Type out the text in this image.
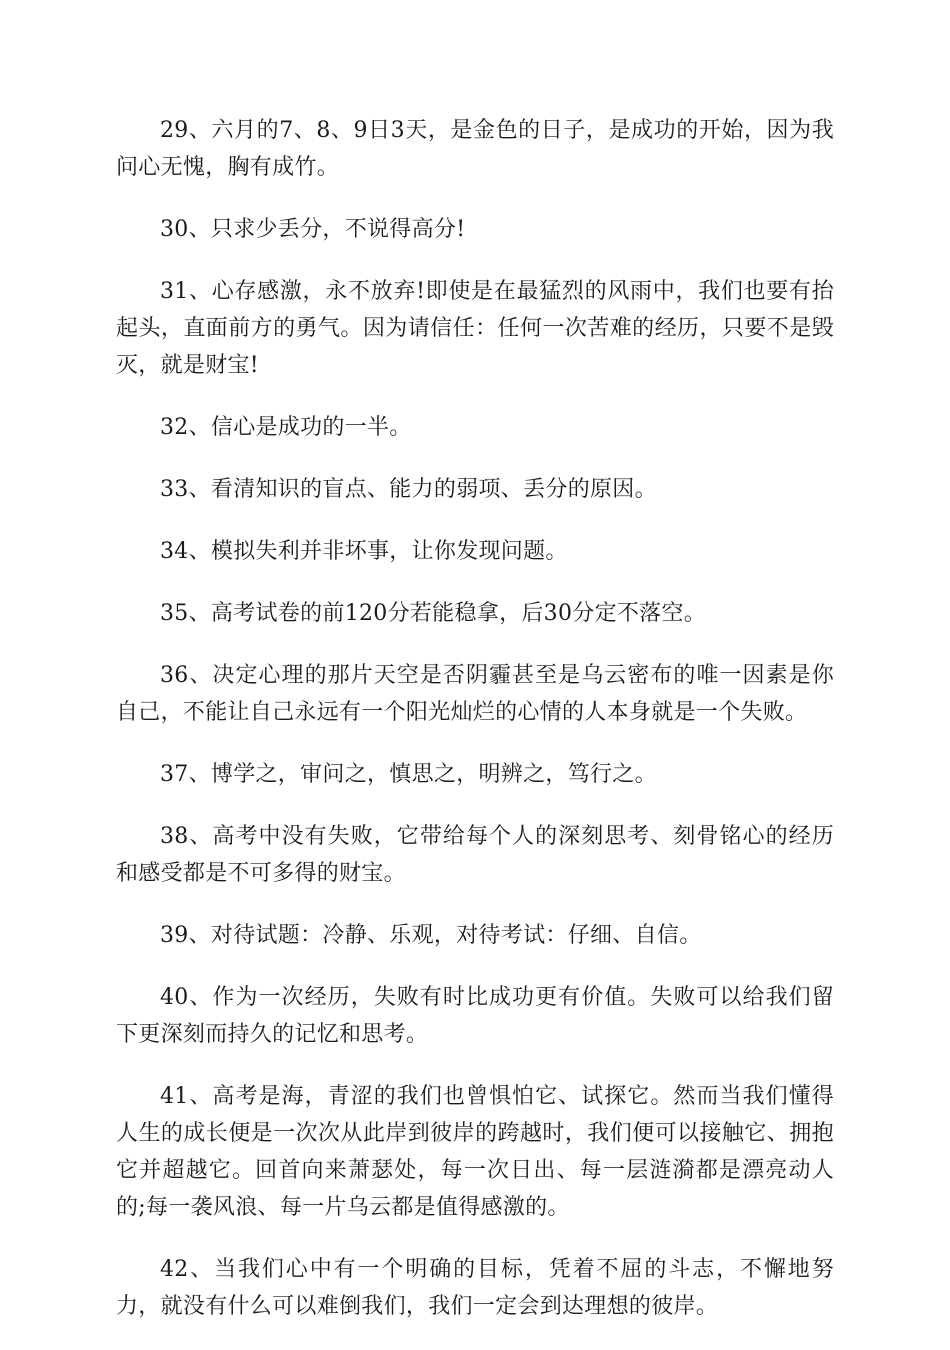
29、六月的7、8、9日3天，是金色的日子，是成功的开始，因为我问心无愧，胸有成竹。

30、只求少丢分，不说得高分!

31、心存感激，永不放弃!即使是在最猛烈的风雨中，我们也要有抬起头，直面前方的勇气。因为请信任：任何一次苦难的经历，只要不是毁灭，就是财宝!

32、信心是成功的一半。

33、看清知识的盲点、能力的弱项、丢分的原因。

34、模拟失利并非坏事，让你发现问题。

35、高考试卷的前120分若能稳拿，后30分定不落空。

36、决定心理的那片天空是否阴霾甚至是乌云密布的唯一因素是你自己，不能让自己永远有一个阳光灿烂的心情的人本身就是一个失败。

37、博学之，审问之，慎思之，明辨之，笃行之。

38、高考中没有失败，它带给每个人的深刻思考、刻骨铭心的经历和感受都是不可多得的财宝。

39、对待试题：冷静、乐观，对待考试：仔细、自信。

40、作为一次经历，失败有时比成功更有价值。失败可以给我们留下更深刻而持久的记忆和思考。

41、高考是海，青涩的我们也曾惧怕它、试探它。然而当我们懂得人生的成长便是一次次从此岸到彼岸的跨越时，我们便可以接触它、拥抱它并超越它。回首向来萧瑟处，每一次日出、每一层涟漪都是漂亮动人的;每一袭风浪、每一片乌云都是值得感激的。

42、当我们心中有一个明确的目标，凭着不屈的斗志，不懈地努力，就没有什么可以难倒我们，我们一定会到达理想的彼岸。
